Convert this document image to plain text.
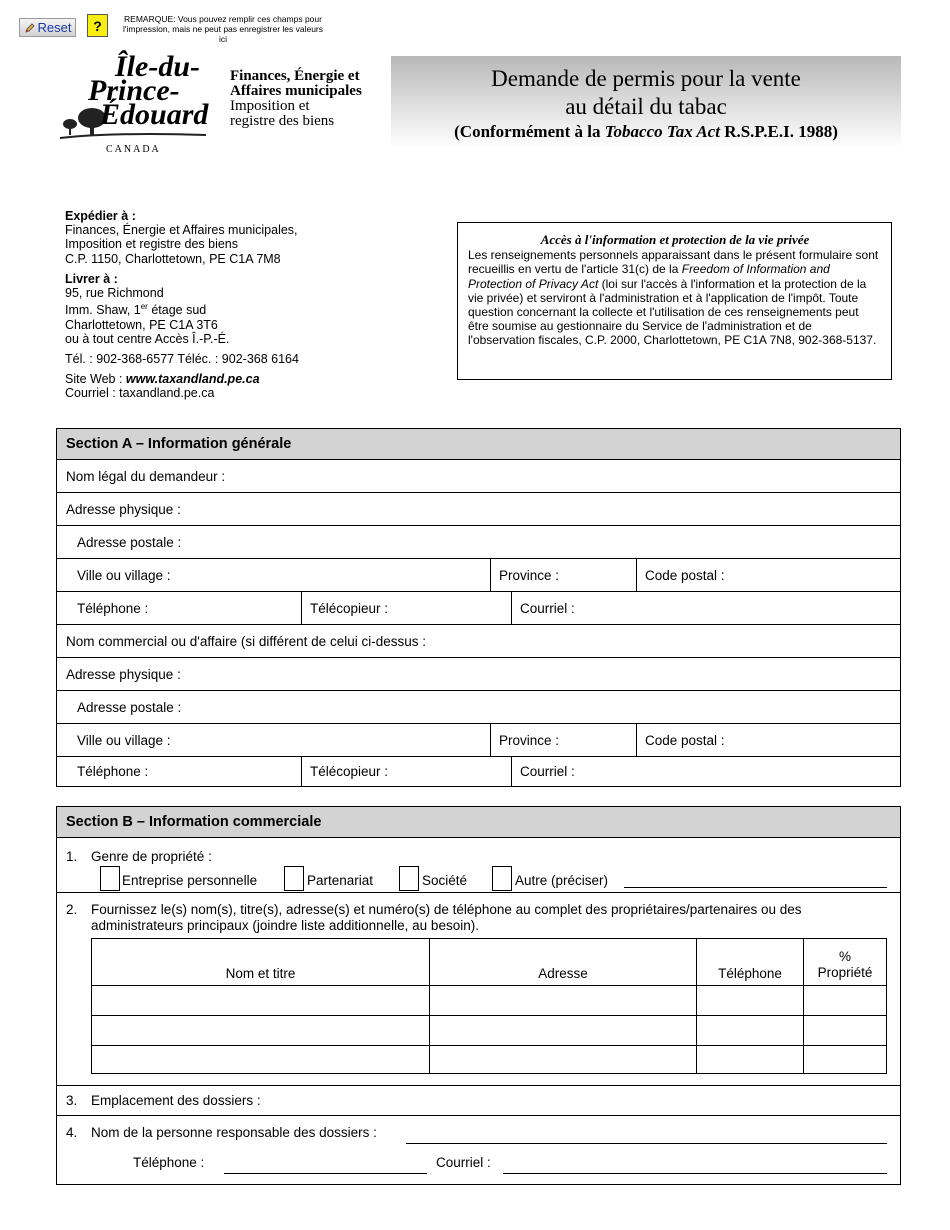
Reset	?	REMARQUE: Vous pouvez remplir ces champs pour l'impression, mais ne peut pas enregistrer les valeurs ici
Île-du-
Prince-
Édouard
CANADA
Finances, Énergie et
Affaires municipales
Imposition et
registre des biens
Demande de permis pour la vente
au détail du tabac
(Conformément à la Tobacco Tax Act R.S.P.E.I. 1988)
Expédier à :
Finances, Énergie et Affaires municipales,
Imposition et registre des biens
C.P. 1150, Charlottetown, PE C1A 7M8
Livrer à :
95, rue Richmond
Imm. Shaw, 1er étage sud
Charlottetown, PE C1A 3T6
ou à tout centre Accès Î.-P.-É.
Tél. : 902-368-6577 Téléc. : 902-368 6164
Site Web : www.taxandland.pe.ca
Courriel : taxandland.pe.ca
Accès à l'information et protection de la vie privée
Les renseignements personnels apparaissant dans le présent formulaire sont recueillis en vertu de l'article 31(c) de la Freedom of Information and Protection of Privacy Act (loi sur l'accès à l'information et la protection de la vie privée) et serviront à l'administration et à l'application de l'impôt. Toute question concernant la collecte et l'utilisation de ces renseignements peut être soumise au gestionnaire du Service de l'administration et de l'observation fiscales, C.P. 2000, Charlottetown, PE C1A 7N8, 902-368-5137.
Section A – Information générale
Nom légal du demandeur :
Adresse physique :
Adresse postale :
Ville ou village :	Province :	Code postal :
Téléphone :	Télécopieur :	Courriel :
Nom commercial ou d'affaire (si différent de celui ci-dessus :
Adresse physique :
Adresse postale :
Ville ou village :	Province :	Code postal :
Téléphone :	Télécopieur :	Courriel :
Section B – Information commerciale
1. Genre de propriété :
Entreprise personnelle	Partenariat	Société	Autre (préciser)
2. Fournissez le(s) nom(s), titre(s), adresse(s) et numéro(s) de téléphone au complet des propriétaires/partenaires ou des
administrateurs principaux (joindre liste additionnelle, au besoin).
Nom et titre	Adresse	Téléphone	%
Propriété

3. Emplacement des dossiers :
4. Nom de la personne responsable des dossiers :
Téléphone :	Courriel :
